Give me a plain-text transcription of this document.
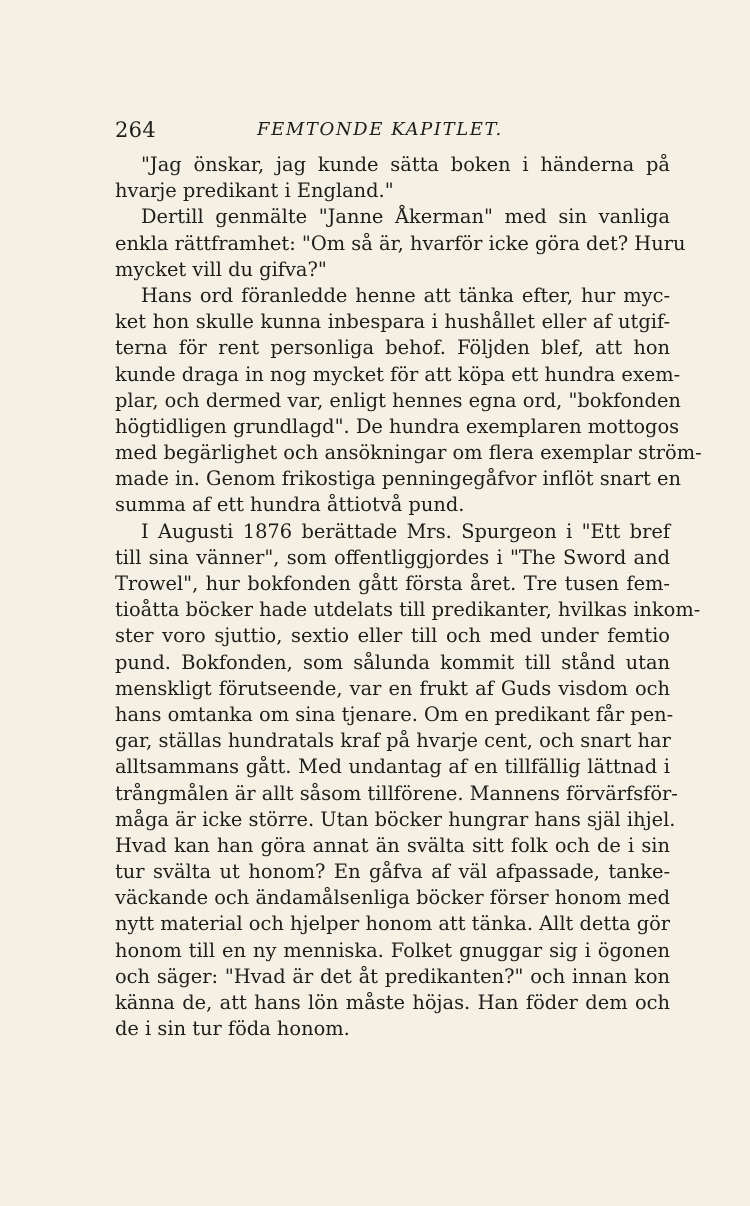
264	FEMTONDE KAPITLET.
"Jag önskar, jag kunde sätta boken i händerna på
hvarje predikant i England."
Dertill genmälte "Janne Åkerman" med sin vanliga
enkla rättframhet: "Om så är, hvarför icke göra det? Huru
mycket vill du gifva?"
Hans ord föranledde henne att tänka efter, hur myc-
ket hon skulle kunna inbespara i hushållet eller af utgif-
terna för rent personliga behof. Följden blef, att hon
kunde draga in nog mycket för att köpa ett hundra exem-
plar, och dermed var, enligt hennes egna ord, "bokfonden
högtidligen grundlagd". De hundra exemplaren mottogos
med begärlighet och ansökningar om flera exemplar ström-
made in. Genom frikostiga penningegåfvor inflöt snart en
summa af ett hundra åttiotvå pund.
I Augusti 1876 berättade Mrs. Spurgeon i "Ett bref
till sina vänner", som offentliggjordes i "The Sword and
Trowel", hur bokfonden gått första året. Tre tusen fem-
tioåtta böcker hade utdelats till predikanter, hvilkas inkom-
ster voro sjuttio, sextio eller till och med under femtio
pund. Bokfonden, som sålunda kommit till stånd utan
menskligt förutseende, var en frukt af Guds visdom och
hans omtanka om sina tjenare. Om en predikant får pen-
gar, ställas hundratals kraf på hvarje cent, och snart har
alltsammans gått. Med undantag af en tillfällig lättnad i
trångmålen är allt såsom tillförene. Mannens förvärfsför-
måga är icke större. Utan böcker hungrar hans själ ihjel.
Hvad kan han göra annat än svälta sitt folk och de i sin
tur svälta ut honom? En gåfva af väl afpassade, tanke-
väckande och ändamålsenliga böcker förser honom med
nytt material och hjelper honom att tänka. Allt detta gör
honom till en ny menniska. Folket gnuggar sig i ögonen
och säger: "Hvad är det åt predikanten?" och innan kon
känna de, att hans lön måste höjas. Han föder dem och
de i sin tur föda honom.
